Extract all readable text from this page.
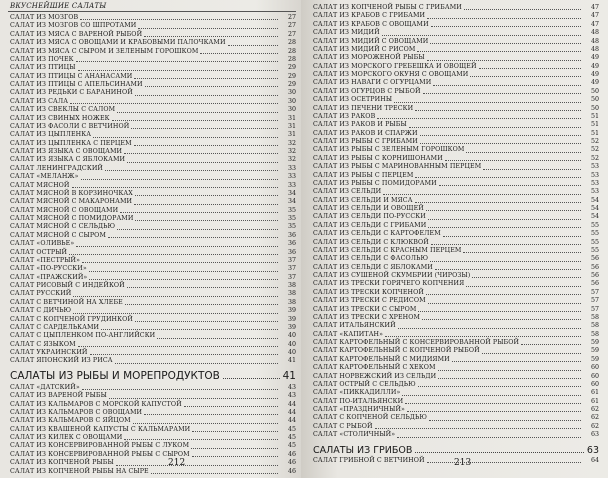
ВКУСНЕЙШИЕ САЛАТЫ
САЛАТ ИЗ МОЗГОВ	27
САЛАТ ИЗ МОЗГОВ СО ШПРОТАМИ	27
САЛАТ ИЗ МЯСА С ВАРЕНОЙ РЫБОЙ	27
САЛАТ ИЗ МЯСА С ОВОЩАМИ И КРАБОВЫМИ ПАЛОЧКАМИ	28
САЛАТ ИЗ МЯСА С СЫРОМ И ЗЕЛЕНЫМ ГОРОШКОМ	28
САЛАТ ИЗ ПОЧЕК	28
САЛАТ ИЗ ПТИЦЫ	29
САЛАТ ИЗ ПТИЦЫ С АНАНАСАМИ	29
САЛАТ ИЗ ПТИЦЫ С АПЕЛЬСИНАМИ	29
САЛАТ ИЗ РЕДЬКИ С БАРАНИНОЙ	30
САЛАТ ИЗ САЛА	30
САЛАТ ИЗ СВЕКЛЫ С САЛОМ	30
САЛАТ ИЗ СВИНЫХ НОЖЕК	31
САЛАТ ИЗ ФАСОЛИ С ВЕТЧИНОЙ	31
САЛАТ ИЗ ЦЫПЛЕНКА	31
САЛАТ ИЗ ЦЫПЛЕНКА С ПЕРЦЕМ	32
САЛАТ ИЗ ЯЗЫКА С ОВОЩАМИ	32
САЛАТ ИЗ ЯЗЫКА С ЯБЛОКАМИ	32
САЛАТ ЛЕНИНГРАДСКИЙ	33
САЛАТ «МЕЛАНЖ»	33
САЛАТ МЯСНОЙ	33
САЛАТ МЯСНОЙ В КОРЗИНОЧКАХ	34
САЛАТ МЯСНОЙ С МАКАРОНАМИ	34
САЛАТ МЯСНОЙ С ОВОЩАМИ	35
САЛАТ МЯСНОЙ С ПОМИДОРАМИ	35
САЛАТ МЯСНОЙ С СЕЛЬДЬЮ	35
САЛАТ МЯСНОЙ С СЫРОМ	36
САЛАТ «ОЛИВЬЕ»	36
САЛАТ ОСТРЫЙ	36
САЛАТ «ПЕСТРЫЙ»	37
САЛАТ «ПО-РУССКИ»	37
САЛАТ «ПРАЖСКИЙ»	37
САЛАТ РИСОВЫЙ С ИНДЕЙКОЙ	38
САЛАТ РУССКИЙ	38
САЛАТ С ВЕТЧИНОЙ НА ХЛЕБЕ	38
САЛАТ С ДИЧЬЮ	39
САЛАТ С КОПЧЕНОЙ ГРУДИНКОЙ	39
САЛАТ С САРДЕЛЬКАМИ	39
САЛАТ С ЦЫПЛЕНКОМ ПО-АНГЛИЙСКИ	40
САЛАТ С ЯЗЫКОМ	40
САЛАТ УКРАИНСКИЙ	40
САЛАТ ЯПОНСКИЙ ИЗ РИСА	41
САЛАТЫ ИЗ РЫБЫ И МОРЕПРОДУКТОВ	41
САЛАТ «ДАТСКИЙ»	43
САЛАТ ИЗ ВАРЕНОЙ РЫБЫ	43
САЛАТ ИЗ КАЛЬМАРОВ С МОРСКОЙ КАПУСТОЙ	44
САЛАТ ИЗ КАЛЬМАРОВ С ОВОЩАМИ	44
САЛАТ ИЗ КАЛЬМАРОВ С ЯЙЦОМ	44
САЛАТ ИЗ КВАШЕНОЙ КАПУСТЫ С КАЛЬМАРАМИ	45
САЛАТ ИЗ КИЛЕК С ОВОЩАМИ	45
САЛАТ ИЗ КОНСЕРВИРОВАННОЙ РЫБЫ С ЛУКОМ	45
САЛАТ ИЗ КОНСЕРВИРОВАННОЙ РЫБЫ С СЫРОМ	46
САЛАТ ИЗ КОПЧЕНОЙ РЫБЫ	46
САЛАТ ИЗ КОПЧЕНОЙ РЫБЫ НА СЫРЕ	46
212
САЛАТ ИЗ КОПЧЕНОЙ РЫБЫ С ГРИБАМИ	47
САЛАТ ИЗ КРАБОВ С ГРИБАМИ	47
САЛАТ ИЗ КРАБОВ С ОВОЩАМИ	47
САЛАТ ИЗ МИДИЙ	48
САЛАТ ИЗ МИДИЙ С ОВОЩАМИ	48
САЛАТ ИЗ МИДИЙ С РИСОМ	48
САЛАТ ИЗ МОРОЖЕНОЙ РЫБЫ	49
САЛАТ ИЗ МОРСКОГО ГРЕБЕШКА И ОВОЩЕЙ	49
САЛАТ ИЗ МОРСКОГО ОКУНЯ С ОВОЩАМИ	49
САЛАТ ИЗ НАВАГИ С ОГУРЦАМИ	49
САЛАТ ИЗ ОГУРЦОВ С РЫБОЙ	50
САЛАТ ИЗ ОСЕТРИНЫ	50
САЛАТ ИЗ ПЕЧЕНИ ТРЕСКИ	50
САЛАТ ИЗ РАКОВ	51
САЛАТ ИЗ РАКОВ И РЫБЫ	51
САЛАТ ИЗ РАКОВ И СПАРЖИ	51
САЛАТ ИЗ РЫБЫ С ГРИБАМИ	52
САЛАТ ИЗ РЫБЫ С ЗЕЛЕНЫМ ГОРОШКОМ	52
САЛАТ ИЗ РЫБЫ С КОРНИШОНАМИ	52
САЛАТ ИЗ РЫБЫ С МАРИНОВАННЫМ ПЕРЦЕМ	53
САЛАТ ИЗ РЫБЫ С ПЕРЦЕМ	53
САЛАТ ИЗ РЫБЫ С ПОМИДОРАМИ	53
САЛАТ ИЗ СЕЛЬДИ	53
САЛАТ ИЗ СЕЛЬДИ И МЯСА	54
САЛАТ ИЗ СЕЛЬДИ И ОВОЩЕЙ	54
САЛАТ ИЗ СЕЛЬДИ ПО-РУССКИ	54
САЛАТ ИЗ СЕЛЬДИ С ГРИБАМИ	55
САЛАТ ИЗ СЕЛЬДИ С КАРТОФЕЛЕМ	55
САЛАТ ИЗ СЕЛЬДИ С КЛЮКВОЙ	55
САЛАТ ИЗ СЕЛЬДИ С КРАСНЫМ ПЕРЦЕМ	55
САЛАТ ИЗ СЕЛЬДИ С ФАСОЛЬЮ	56
САЛАТ ИЗ СЕЛЬДИ С ЯБЛОКАМИ	56
САЛАТ ИЗ СУШЕНОЙ СКУМБРИИ (ЧИРОЗЫ)	56
САЛАТ ИЗ ТРЕСКИ ГОРЯЧЕГО КОПЧЕНИЯ	56
САЛАТ ИЗ ТРЕСКИ КОПЧЕНОЙ	57
САЛАТ ИЗ ТРЕСКИ С РЕДИСОМ	57
САЛАТ ИЗ ТРЕСКИ С СЫРОМ	57
САЛАТ ИЗ ТРЕСКИ С ХРЕНОМ	58
САЛАТ ИТАЛЬЯНСКИЙ	58
САЛАТ «КАПИТАН»	58
САЛАТ КАРТОФЕЛЬНЫЙ С КОНСЕРВИРОВАННОЙ РЫБОЙ	59
САЛАТ КАРТОФЕЛЬНЫЙ С КОПЧЕНОЙ РЫБОЙ	59
САЛАТ КАРТОФЕЛЬНЫЙ С МИДИЯМИ	59
САЛАТ КАРТОФЕЛЬНЫЙ С ХЕКОМ	60
САЛАТ НОРВЕЖСКИЙ ИЗ СЕЛЬДИ	60
САЛАТ ОСТРЫЙ С СЕЛЬДЬЮ	60
САЛАТ «ПИККАДИЛЛИ»	61
САЛАТ ПО-ИТАЛЬЯНСКИ	61
САЛАТ «ПРАЗДНИЧНЫЙ»	62
САЛАТ С КОПЧЕНОЙ СЕЛЬДЬЮ	62
САЛАТ С РЫБОЙ	62
САЛАТ «СТОЛИЧНЫЙ»	63
САЛАТЫ ИЗ ГРИБОВ	63
САЛАТ ГРИБНОЙ С ВЕТЧИНОЙ	64
213
